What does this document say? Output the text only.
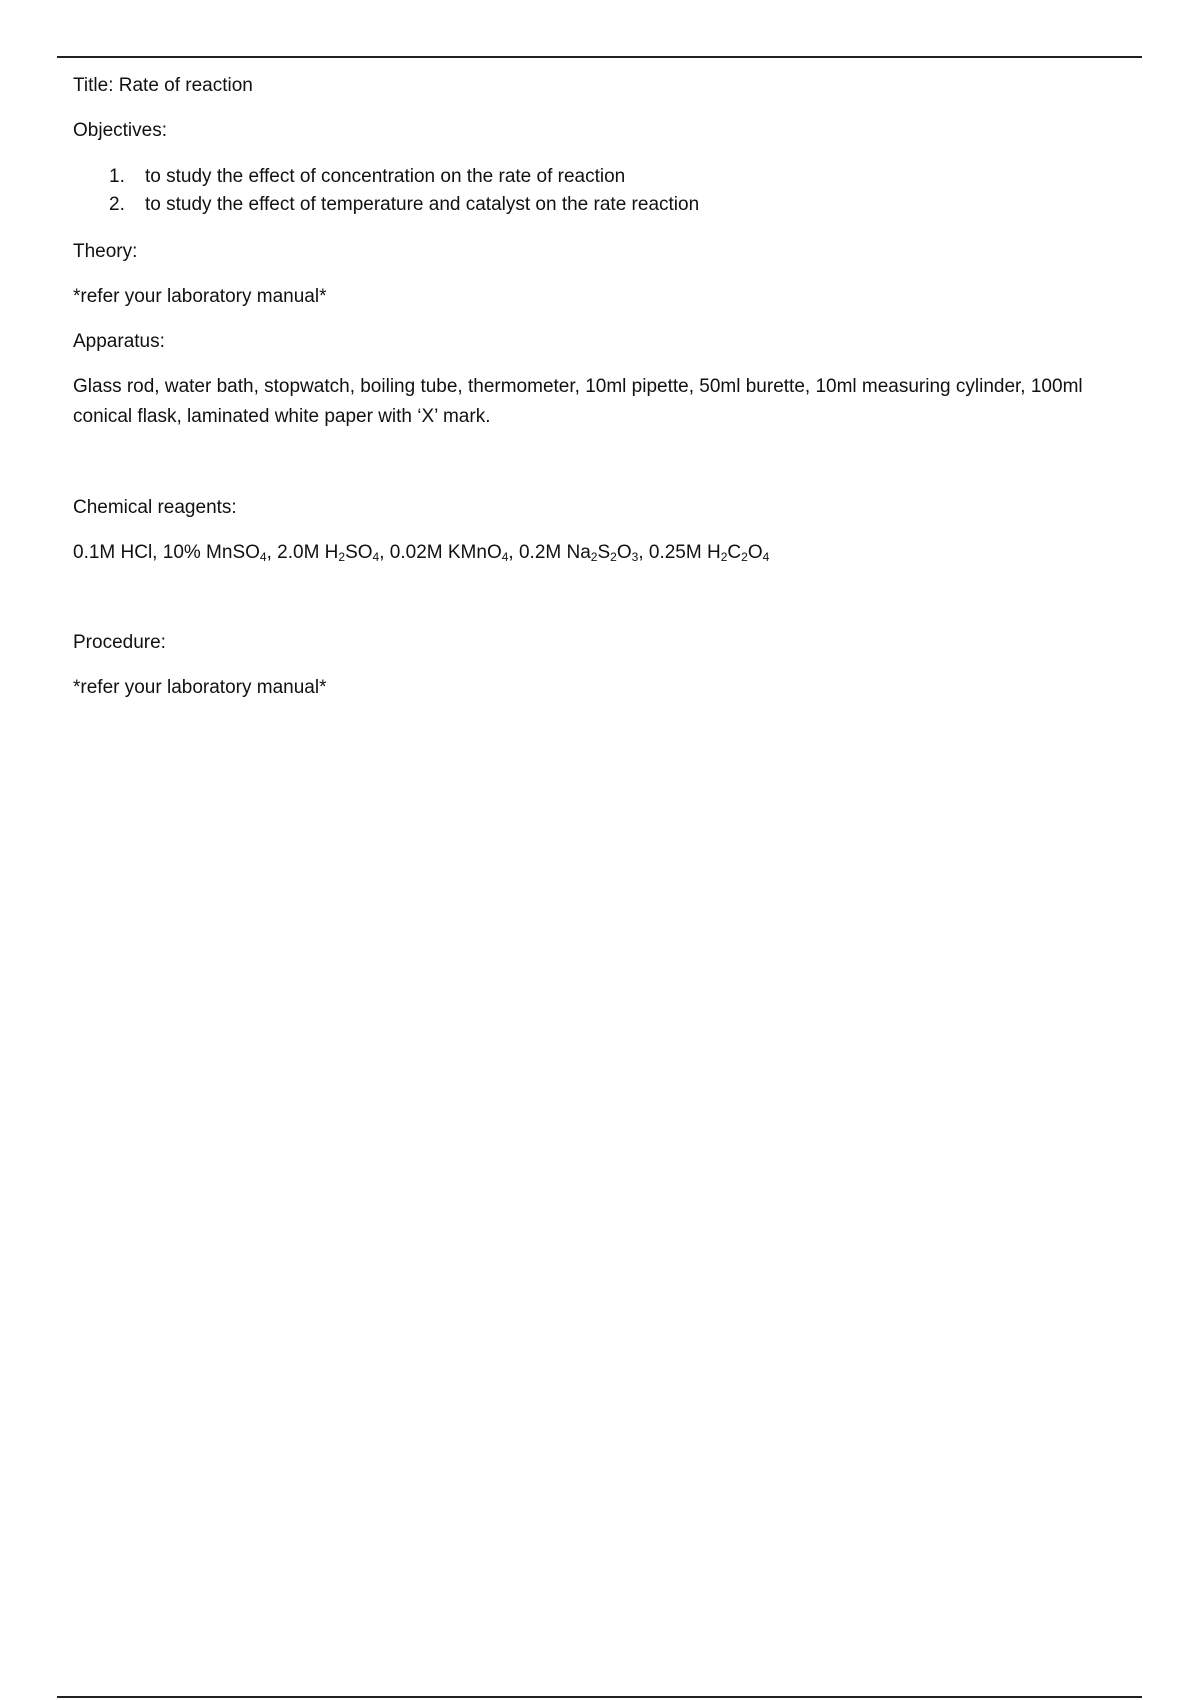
Title: Rate of reaction

Objectives:

1. to study the effect of concentration on the rate of reaction

2. to study the effect of temperature and catalyst on the rate reaction

Theory:

*refer your laboratory manual*

Apparatus:

Glass rod, water bath, stopwatch, boiling tube, thermometer, 10ml pipette, 50ml burette, 10ml measuring cylinder, 100ml conical flask, laminated white paper with ‘X’ mark.

Chemical reagents:

0.1M HCl, 10% MnSO$_4$, 2.0M $H_2SO_4$, 0.02M KMnO$_4$, 0.2M $Na_2S_2O_3$, 0.25M $H_2C_2O_4$

Procedure:

*refer your laboratory manual*
